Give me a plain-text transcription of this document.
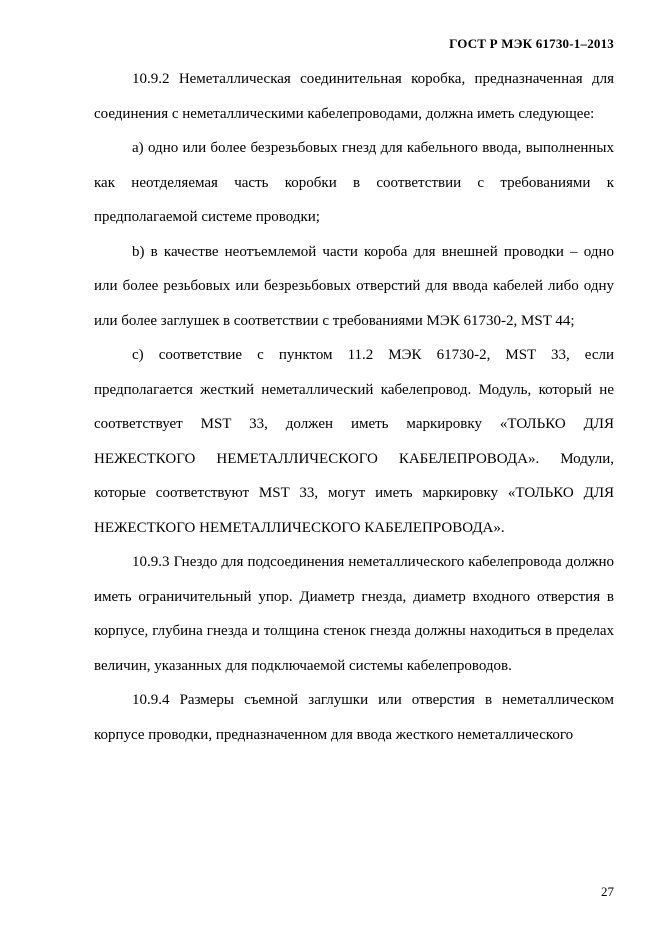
ГОСТ Р МЭК 61730-1–2013

10.9.2 Неметаллическая соединительная коробка, предназначенная для соединения с неметаллическими кабелепроводами, должна иметь следующее:

а) одно или более безрезьбовых гнезд для кабельного ввода, выполненных как неотделяемая часть коробки в соответствии с требованиями к предполагаемой системе проводки;

b) в качестве неотъемлемой части короба для внешней проводки – одно или более резьбовых или безрезьбовых отверстий для ввода кабелей либо одну или более заглушек в соответствии с требованиями МЭК 61730-2, MST 44;

c) соответствие с пунктом 11.2 МЭК 61730-2, MST 33, если предполагается жесткий неметаллический кабелепровод. Модуль, который не соответствует MST 33, должен иметь маркировку «ТОЛЬКО ДЛЯ НЕЖЕСТКОГО НЕМЕТАЛЛИЧЕСКОГО КАБЕЛЕПРОВОДА». Модули, которые соответствуют MST 33, могут иметь маркировку «ТОЛЬКО ДЛЯ НЕЖЕСТКОГО НЕМЕТАЛЛИЧЕСКОГО КАБЕЛЕПРОВОДА».

10.9.3 Гнездо для подсоединения неметаллического кабелепровода должно иметь ограничительный упор. Диаметр гнезда, диаметр входного отверстия в корпусе, глубина гнезда и толщина стенок гнезда должны находиться в пределах величин, указанных для подключаемой системы кабелепроводов.

10.9.4 Размеры съемной заглушки или отверстия в неметаллическом корпусе проводки, предназначенном для ввода жесткого неметаллического

27
